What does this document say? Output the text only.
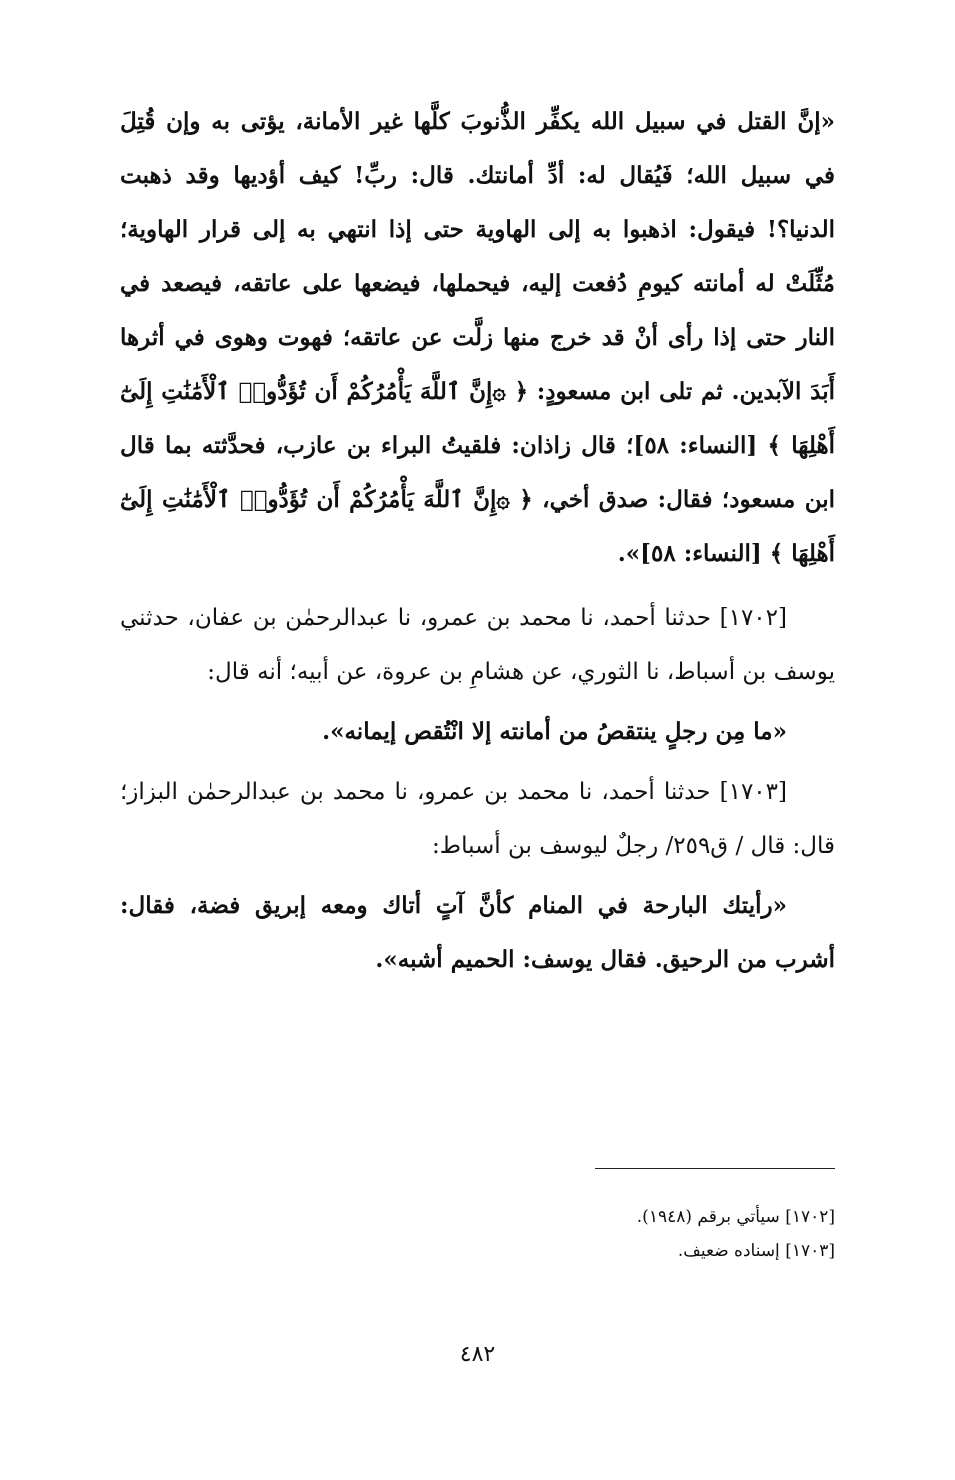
«إنَّ القتل في سبيل الله يكفِّر الذُّنوبَ كلَّها غير الأمانة، يؤتى به وإن قُتِلَ في سبيل الله؛ فَيُقال له: أدِّ أمانتك. قال: ربِّ! كيف أؤديها وقد ذهبت الدنيا؟! فيقول: اذهبوا به إلى الهاوية حتى إذا انتهي به إلى قرار الهاوية؛ مُثِّلَتْ له أمانته كيومِ دُفعت إليه، فيحملها، فيضعها على عاتقه، فيصعد في النار حتى إذا رأى أنْ قد خرج منها زلَّت عن عاتقه؛ فهوت وهوى في أثرها أَبَدَ الآبدين. ثم تلى ابن مسعودٍ: ﴿ ۞إِنَّ ٱللَّهَ يَأْمُرُكُمْ أَن تُؤَدُّوا۟ ٱلْأَمَٰنَٰتِ إِلَىٰٓ أَهْلِهَا ﴾ [النساء: ٥٨]؛ قال زاذان: فلقيتُ البراء بن عازب، فحدَّثته بما قال ابن مسعود؛ فقال: صدق أخي، ﴿ ۞إِنَّ ٱللَّهَ يَأْمُرُكُمْ أَن تُؤَدُّوا۟ ٱلْأَمَٰنَٰتِ إِلَىٰٓ أَهْلِهَا ﴾ [النساء: ٥٨]».

[١٧٠٢] حدثنا أحمد، نا محمد بن عمرو، نا عبدالرحمٰن بن عفان، حدثني يوسف بن أسباط، نا الثوري، عن هشامِ بن عروة، عن أبيه؛ أنه قال:

«ما مِن رجلٍ ينتقصُ من أمانته إلا انْتُقص إيمانه».

[١٧٠٣] حدثنا أحمد، نا محمد بن عمرو، نا محمد بن عبدالرحمٰن البزاز؛ قال: قال / ق٢٥٩/ رجلٌ ليوسف بن أسباط:

«رأيتك البارحة في المنام كأنَّ آتٍ أتاك ومعه إبريق فضة، فقال: أشرب من الرحيق. فقال يوسف: الحميم أشبه».

[١٧٠٢] سيأتي برقم (١٩٤٨).

[١٧٠٣] إسناده ضعيف.

٤٨٢
